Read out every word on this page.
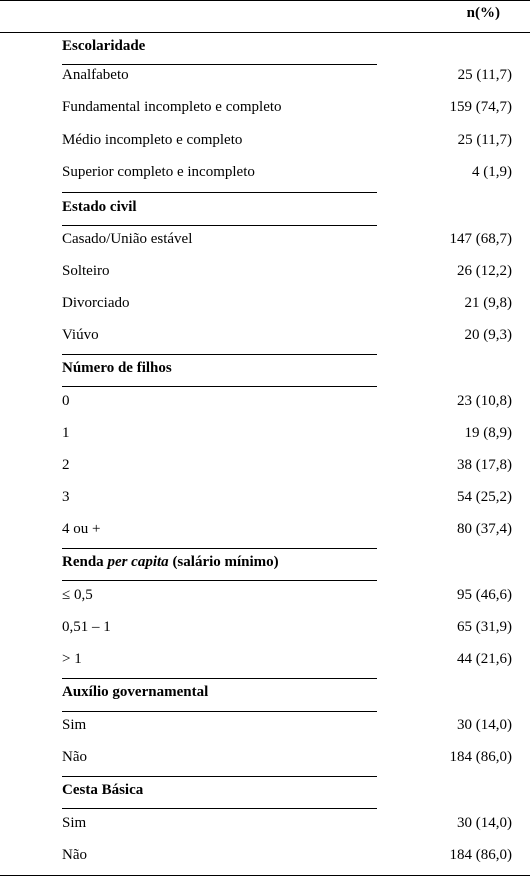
n(%)
Escolaridade
Analfabeto	25 (11,7)
Fundamental incompleto e completo	159 (74,7)
Médio incompleto e completo	25 (11,7)
Superior completo e incompleto	4 (1,9)
Estado civil
Casado/União estável	147 (68,7)
Solteiro	26 (12,2)
Divorciado	21 (9,8)
Viúvo	20 (9,3)
Número de filhos
0	23 (10,8)
1	19 (8,9)
2	38 (17,8)
3	54 (25,2)
4 ou +	80 (37,4)
Renda per capita (salário mínimo)
≤ 0,5	95 (46,6)
0,51 – 1	65 (31,9)
> 1	44 (21,6)
Auxílio governamental
Sim	30 (14,0)
Não	184 (86,0)
Cesta Básica
Sim	30 (14,0)
Não	184 (86,0)
